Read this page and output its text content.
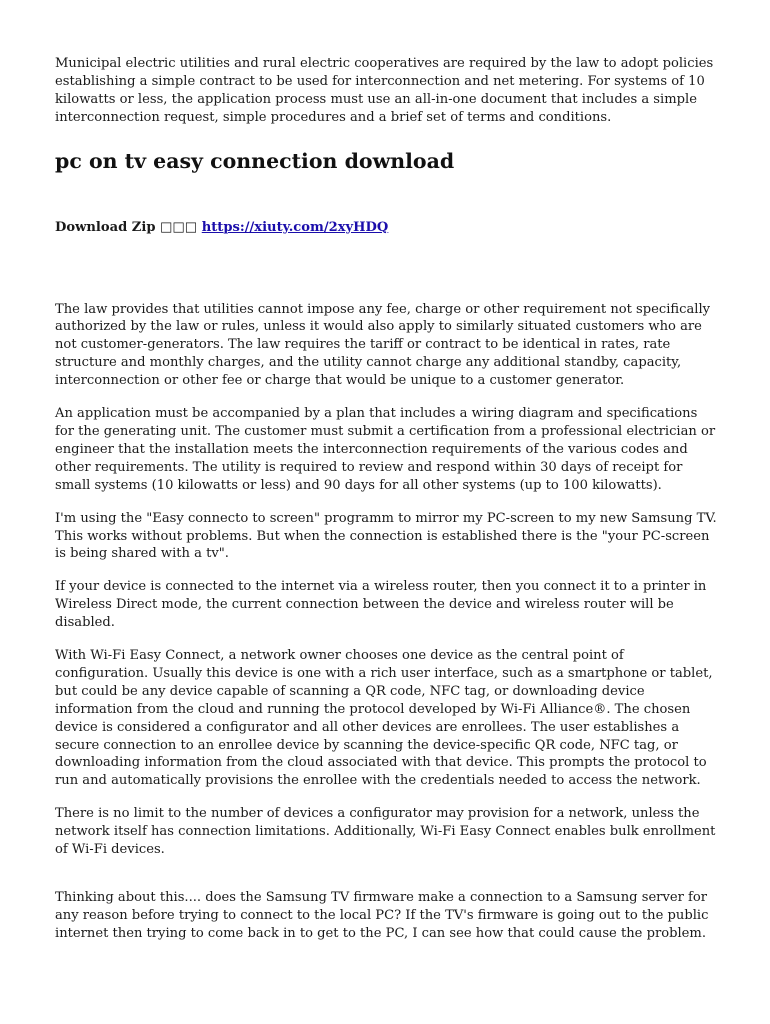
Municipal electric utilities and rural electric cooperatives are required by the law to adopt policies establishing a simple contract to be used for interconnection and net metering. For systems of 10 kilowatts or less, the application process must use an all-in-one document that includes a simple interconnection request, simple procedures and a brief set of terms and conditions.

pc on tv easy connection download
Download Zip □□□ https://xiuty.com/2xyHDQ

The law provides that utilities cannot impose any fee, charge or other requirement not specifically authorized by the law or rules, unless it would also apply to similarly situated customers who are not customer-generators. The law requires the tariff or contract to be identical in rates, rate structure and monthly charges, and the utility cannot charge any additional standby, capacity, interconnection or other fee or charge that would be unique to a customer generator.

An application must be accompanied by a plan that includes a wiring diagram and specifications for the generating unit. The customer must submit a certification from a professional electrician or engineer that the installation meets the interconnection requirements of the various codes and other requirements. The utility is required to review and respond within 30 days of receipt for small systems (10 kilowatts or less) and 90 days for all other systems (up to 100 kilowatts).

I'm using the "Easy connecto to screen" programm to mirror my PC-screen to my new Samsung TV. This works without problems. But when the connection is established there is the "your PC-screen is being shared with a tv".

If your device is connected to the internet via a wireless router, then you connect it to a printer in Wireless Direct mode, the current connection between the device and wireless router will be disabled.

With Wi-Fi Easy Connect, a network owner chooses one device as the central point of configuration. Usually this device is one with a rich user interface, such as a smartphone or tablet, but could be any device capable of scanning a QR code, NFC tag, or downloading device information from the cloud and running the protocol developed by Wi-Fi Alliance®. The chosen device is considered a configurator and all other devices are enrollees. The user establishes a secure connection to an enrollee device by scanning the device-specific QR code, NFC tag, or downloading information from the cloud associated with that device. This prompts the protocol to run and automatically provisions the enrollee with the credentials needed to access the network.

There is no limit to the number of devices a configurator may provision for a network, unless the network itself has connection limitations. Additionally, Wi-Fi Easy Connect enables bulk enrollment of Wi-Fi devices.

Thinking about this.... does the Samsung TV firmware make a connection to a Samsung server for any reason before trying to connect to the local PC? If the TV's firmware is going out to the public internet then trying to come back in to get to the PC, I can see how that could cause the problem.
